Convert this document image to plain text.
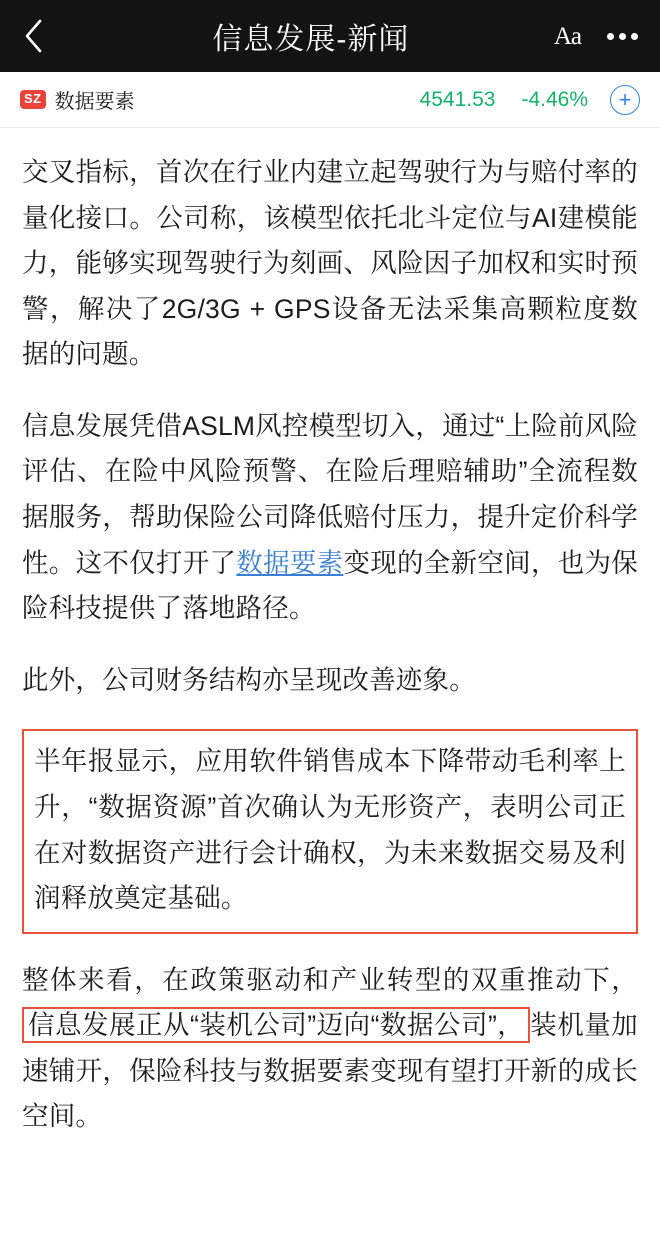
信息发展-新闻	Aa
SZ 数据要素	4541.53 -4.46% +

交叉指标，首次在行业内建立起驾驶行为与赔付率的量化接口。公司称，该模型依托北斗定位与AI建模能力，能够实现驾驶行为刻画、风险因子加权和实时预警，解决了2G/3G + GPS设备无法采集高颗粒度数据的问题。

信息发展凭借ASLM风控模型切入，通过“上险前风险评估、在险中风险预警、在险后理赔辅助”全流程数据服务，帮助保险公司降低赔付压力，提升定价科学性。这不仅打开了数据要素变现的全新空间，也为保险科技提供了落地路径。

此外，公司财务结构亦呈现改善迹象。

半年报显示，应用软件销售成本下降带动毛利率上升，“数据资源”首次确认为无形资产，表明公司正在对数据资产进行会计确权，为未来数据交易及利润释放奠定基础。

整体来看，在政策驱动和产业转型的双重推动下，信息发展正从“装机公司”迈向“数据公司”， 装机量加速铺开，保险科技与数据要素变现有望打开新的成长空间。
